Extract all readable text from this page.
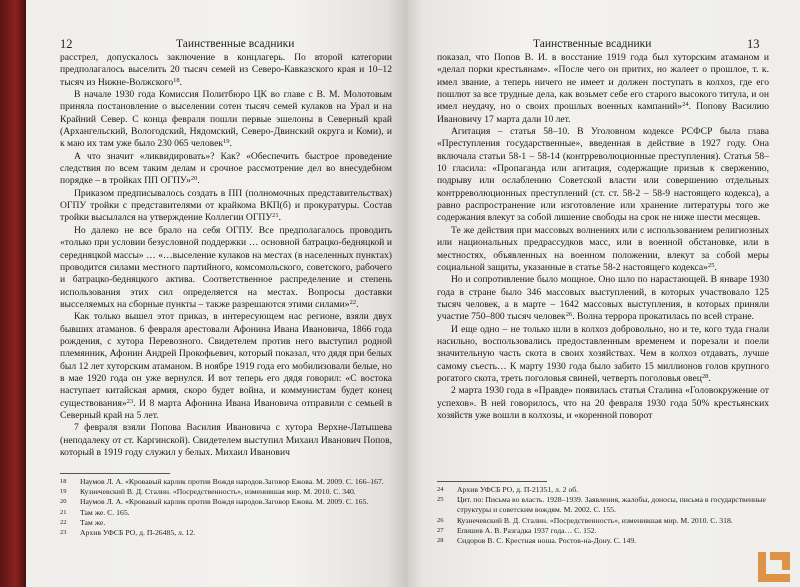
12	Таинственные всадники

расстрел, допускалось заключение в концлагерь. По второй категории предполагалось выселить 20 тысяч семей из Северо-Кавказского края и 10–12 тысяч из Нижне-Волжского$^{18}$.

В начале 1930 года Комиссия Политбюро ЦК во главе с В. М. Молотовым приняла постановление о выселении сотен тысяч семей кулаков на Урал и на Крайний Север. С конца февраля пошли первые эшелоны в Северный край (Архангельский, Вологодский, Нядомский, Северо-Двинский округа и Коми), и к маю их там уже было 230 065 человек$^{19}$.

А что значит «ликвидировать»? Как? «Обеспечить быстрое проведение следствия по всем таким делам и срочное рассмотрение дел во внесудебном порядке – в тройках ПП ОГПУ»$^{20}$.

Приказом предписывалось создать в ПП (полномочных представительствах) ОГПУ тройки с представителями от крайкома ВКП(б) и прокуратуры. Состав тройки высылался на утверждение Коллегии ОГПУ$^{21}$.

Но далеко не все брало на себя ОГПУ. Все предполагалось проводить «только при условии безусловной поддержки … основной батрацко-бедняцкой и середняцкой массы» … «…выселение кулаков на местах (в населенных пунктах) проводится силами местного партийного, комсомольского, советского, рабочего и батрацко-бедняцкого актива. Соответственное распределение и степень использования этих сил определяется на местах. Вопросы доставки высселяемых на сборные пункты – также разрешаются этими силами»$^{22}$.

Как только вышел этот приказ, в интересующем нас регионе, взяли двух бывших атаманов. 6 февраля арестовали Афонина Ивана Ивановича, 1866 года рождения, с хутора Перевозного. Свидетелем против него выступил родной племянник, Афонин Андрей Прокофьевич, который показал, что дядя при белых был 12 лет хуторским атаманом. В ноябре 1919 года его мобилизовали белые, но в мае 1920 года он уже вернулся. И вот теперь его дядя говорил: «С востока наступает китайская армия, скоро будет война, и коммунистам будет конец существования»$^{23}$. И 8 марта Афонина Ивана Ивановича отправили с семьей в Северный край на 5 лет.

7 февраля взяли Попова Василия Ивановича с хутора Верхне-Латышева (неподалеку от ст. Каргинской). Свидетелем выступил Михаил Иванович Попов, который в 1919 году служил у белых. Михаил Иванович

18	Наумов Л. А. «Кровавый карлик против Вождя народов.Заговор Ежова. М. 2009. С. 166–167.
19	Кузнечевский В. Д. Сталин. «Посредственность», изменившая мир. М. 2010. С. 340.
20	Наумов Л. А. «Кровавый карлик против Вождя народов.Заговор Ежова. М. 2009. С. 165.
21	Там же. С. 165.
22	Там же.
23	Архив УФСБ РО, д. П-26485, л. 12.
Таинственные всадники	13

показал, что Попов В. И. в восстание 1919 года был хуторским атаманом и «делал порки крестьянам». «После чего он притих, но жалеет о прошлое, т. к. имел звание, а теперь ничего не имеет и должен поступать в колхоз, где его пошлют за все трудные дела, как возьмет себе его старого высокого титула, и он имел неудачу, но о своих прошлых военных кампаний»$^{24}$. Попову Василию Ивановичу 17 марта дали 10 лет.

Агитация – статья 58–10. В Уголовном кодексе РСФСР была глава «Преступления государственные», введенная в действие в 1927 году. Она включала статьи 58-1 – 58-14 (контрреволюционные преступления). Статья 58–10 гласила: «Пропаганда или агитация, содержащие призыв к свержению, подрыву или ослаблению Советской власти или совершению отдельных контрреволюционных преступлений (ст. ст. 58-2 – 58-9 настоящего кодекса), а равно распространение или изготовление или хранение литературы того же содержания влекут за собой лишение свободы на срок не ниже шести месяцев.

Те же действия при массовых волнениях или с использованием религиозных или национальных предрассудков масс, или в военной обстановке, или в местностях, объявленных на военном положении, влекут за собой меры социальной защиты, указанные в статье 58-2 настоящего кодекса»$^{25}$.

Но и сопротивление было мощное. Оно шло по нарастающей. В январе 1930 года в стране было 346 массовых выступлений, в которых участвовало 125 тысяч человек, а в марте – 1642 массовых выступления, в которых приняли участие 750–800 тысяч человек$^{26}$. Волна террора прокатилась по всей стране.

И еще одно – не только шли в колхоз добровольно, но и те, кого туда гнали насильно, воспользовались предоставленным временем и порезали и поели значительную часть скота в своих хозяйствах. Чем в колхоз отдавать, лучше самому съесть… К марту 1930 года было забито 15 миллионов голов крупного рогатого скота, треть поголовья свиней, четверть поголовья овец$^{28}$.

2 марта 1930 года в «Правде» появилась статья Сталина «Головокружение от успехов». В ней говорилось, что на 20 февраля 1930 года 50% крестьянских хозяйств уже вошли в колхозы, и «коренной поворот

24	Архив УФСБ РО, д. П-21351, л. 2 об.
25	Цит. по: Письма во власть. 1928–1939. Заявления, жалобы, доносы, письма в государственные структуры и советским вождям. М. 2002. С. 155.
26	Кузнечевский В. Д. Сталин. «Посредственность», изменившая мир. М. 2010. С. 318.
27	Епишев А. В. Разгадка 1937 года… С. 152.
28	Сидоров В. С. Крестная ноша. Ростов-на-Дону. С. 149.
